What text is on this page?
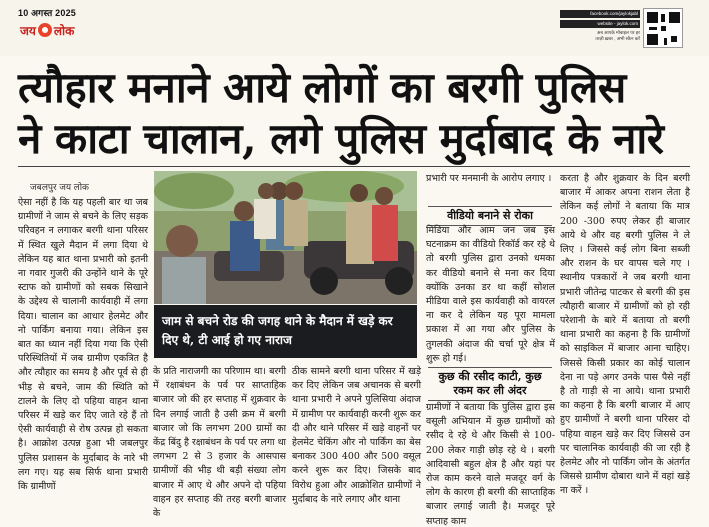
10 अगस्त 2025
जय लोक
facebook.com/jaylokjabl
website - jaylok.com
अब आपके मोबाइल पर हर
ताज़ी ख़बर , अभी स्कैन करें
त्यौहार मनाने आये लोगों का बरगी पुलिस
ने काटा चालान, लगे पुलिस मुर्दाबाद के नारे
जबलपुर जय लोक
ऐसा नहीं है कि यह पहली बार था जब ग्रामीणों ने जाम से बचने के लिए सड़क परिवहन न लगाकर बरगी थाना परिसर में स्थित खुले मैदान में लगा दिया थे लेकिन यह बात थाना प्रभारी को इतनी ना गवार गुजरी की उन्होंने थाने के पूरे स्टाफ को ग्रामीणों को सबक सिखाने के उद्देश्य से चालानी कार्यवाही में लगा दिया। चालान का आधार हेलमेट और नो पार्किंग बनाया गया। लेकिन इस बात का ध्यान नहीं दिया गया कि ऐसी परिस्थितियों में जब ग्रामीण एकत्रित है और त्यौहार का समय है और पूर्व से ही भीड़ से बचने, जाम की स्थिति को टालने के लिए दो पहिया वाहन थाना परिसर में खड़े कर दिए जाते रहे हैं तो ऐसी कार्यवाही से रोष उत्पन्न हो सकता है। आक्रोश उत्पन्न हुआ भी जबलपुर पुलिस प्रशासन के मुर्दाबाद के नारे भी लग गए। यह सब सिर्फ थाना प्रभारी कि ग्रामीणों
जाम से बचने रोड की जगह थाने के मैदान में खड़े कर दिए थे, टी आई हो गए नाराज
के प्रति नाराजगी का परिणाम था। बरगी में रक्षाबंधन के पर्व पर साप्ताहिक बाजार जो की हर सप्ताह में शुक्रवार के दिन लगाई जाती है उसी क्रम में बरगी बाजार जो कि लगभग 200 ग्रामों का केंद्र बिंदु है रक्षाबंधन के पर्व पर लगा था लगभग 2 से 3 हजार के आसपास ग्रामीणों की भीड़ थी बड़ी संख्या लोग बाजार में आए थे और अपने दो पहिया वाहन हर सप्ताह की तरह बरगी बाजार के
ठीक सामने बरगी थाना परिसर में खड़े कर दिए लेकिन जब अचानक से बरगी थाना प्रभारी ने अपने पुलिसिया अंदाज में ग्रामीण पर कार्यवाही करनी शुरू कर दी और थाने परिसर में खड़े वाहनों पर हेलमेट चेकिंग और नो पार्किंग का बेस बनाकर 300 400 और 500 वसूल करने शुरू कर दिए। जिसके बाद विरोध हुआ और आक्रोशित ग्रामीणों ने मुर्दाबाद के नारे लगाए और थाना
प्रभारी पर मनमानी के आरोप लगाए ।
वीडियो बनाने से रोका
मिडिया और आम जन जब इस घटनाक्रम का वीडियो रिकॉर्ड कर रहे थे तो बरगी पुलिस द्वारा उनको धमका कर वीडियो बनाने से मना कर दिया क्योंकि उनका डर था कहीं सोशल मीडिया वाले इस कार्यवाही को वायरल ना कर दे लेकिन यह पूरा मामला प्रकाश में आ गया और पुलिस के तुगलकी अंदाज की चर्चा पूरे क्षेत्र में शुरू हो गई।
कुछ की रसीद काटी, कुछ रकम कर ली अंदर
ग्रामीणों ने बताया कि पुलिस द्वारा इस वसूली अभियान में कुछ ग्रामीणों को रसीद दे रहे थे और किसी से 100- 200 लेकर गाड़ी छोड़ रहे थे । बरगी आदिवासी बहुल क्षेत्र है और यहां पर रोज काम करने वाले मजदूर वर्ग के लोग के कारण ही बरगी की साप्ताहिक बाजार लगाई जाती है। मजदूर पूरे सप्ताह काम
करता है और शुक्रवार के दिन बरगी बाजार में आकर अपना राशन लेता है लेकिन कई लोगों ने बताया कि मात्र 200 -300 रुपए लेकर ही बाजार आये थे और वह बरगी पुलिस ने ले लिए । जिससे कई लोग बिना सब्जी और राशन के घर वापस चले गए । स्थानीय पत्रकारों ने जब बरगी थाना प्रभारी जीतेन्द्र पाटकर से बरगी की इस त्यौहारी बाजार में ग्रामीणों को हो रही परेशानी के बारे में बताया तो बरगी थाना प्रभारी का कहना है कि ग्रामीणों को साइकिल में बाजार आना चाहिए। जिससे किसी प्रकार का कोई चालान देना ना पड़े अगर उनके पास पैसे नहीं है तो गाड़ी से ना आये। थाना प्रभारी का कहना है कि बरगी बाजार में आए हुए ग्रामीणों ने बरगी थाना परिसर दो पहिया वाहन खड़े कर दिए जिससे उन पर चालानिक कार्यवाही की जा रही है हेलमेट और नो पार्किंग जोन के अंतर्गत जिससे ग्रामीण दोबारा थाने में वहां खड़े ना करें ।
